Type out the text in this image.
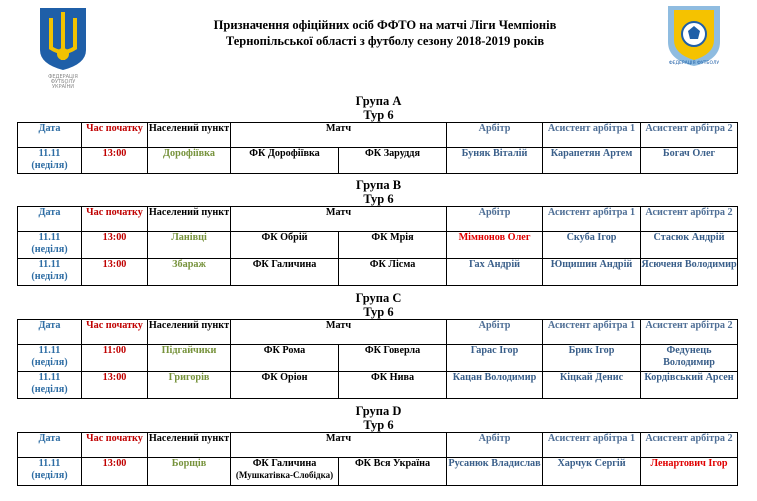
ФЕДЕРАЦІЯ
ФУТБОЛУ
УКРАЇНИ
ФЕДЕРАЦІЯ ФУТБОЛУ
Призначення офіційних осіб ФФТО на матчі Ліги Чемпіонів
Тернопільської області з футболу сезону 2018-2019 років
Група А
Тур 6
Дата	Час початку	Населений пункт	Матч		Арбітр	Асистент арбітра 1	Асистент арбітра 2
11.11
(неділя)	13:00	Дорофіївка	ФК Дорофіївка	ФК Заруддя	Буняк Віталій	Карапетян Артем	Богач Олег
Група В
Тур 6
Дата	Час початку	Населений пункт	Матч		Арбітр	Асистент арбітра 1	Асистент арбітра 2
11.11
(неділя)	13:00	Ланівці	ФК Обрій	ФК Мрія	Мімнонов Олег	Скуба Ігор	Стасюк Андрій
11.11
(неділя)	13:00	Збараж	ФК Галичина	ФК Лісма	Гах Андрій	Ющишин Андрій	Ясюченя Володимир
Група С
Тур 6
Дата	Час початку	Населений пункт	Матч		Арбітр	Асистент арбітра 1	Асистент арбітра 2
11.11
(неділя)	11:00	Підгайчики	ФК Рома	ФК Говерла	Гарас Ігор	Брик Ігор	Федунець Володимир
11.11
(неділя)	13:00	Григорів	ФК Оріон	ФК Нива	Кацан Володимир	Кіцкай Денис	Кордівський Арсен
Група D
Тур 6
Дата	Час початку	Населений пункт	Матч		Арбітр	Асистент арбітра 1	Асистент арбітра 2
11.11
(неділя)	13:00	Борщів	ФК Галичина
(Мушкатівка-Слобідка)	ФК Вся Україна	Русанюк Владислав	Харчук Сергій	Ленартович Ігор
